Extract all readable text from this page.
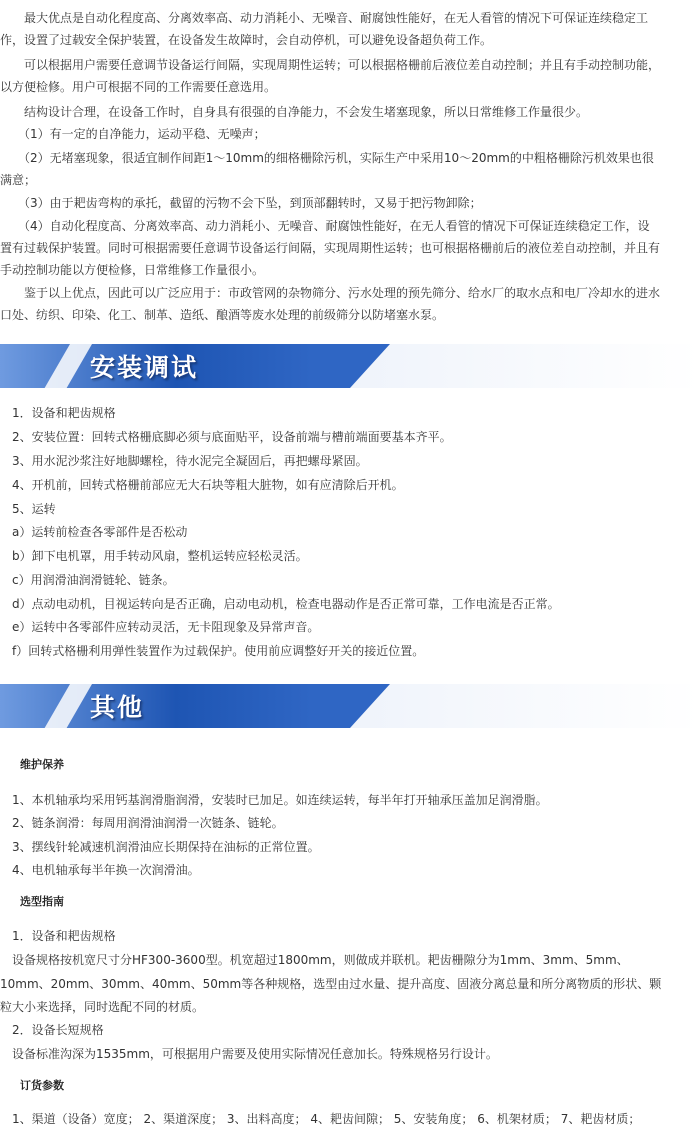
　　最大优点是自动化程度高、分离效率高、动力消耗小、无噪音、耐腐蚀性能好，在无人看管的情况下可保证连续稳定工
作，设置了过载安全保护装置，在设备发生故障时，会自动停机，可以避免设备超负荷工作。
　　可以根据用户需要任意调节设备运行间隔，实现周期性运转；可以根据格栅前后液位差自动控制；并且有手动控制功能，
以方便检修。用户可根据不同的工作需要任意选用。
　　结构设计合理，在设备工作时，自身具有很强的自净能力，不会发生堵塞现象，所以日常维修工作量很少。
　　（1）有一定的自净能力，运动平稳、无噪声；
　　（2）无堵塞现象，很适宜制作间距1～10mm的细格栅除污机，实际生产中采用10～20mm的中粗格栅除污机效果也很
满意；
　　（3）由于耙齿弯构的承托，截留的污物不会下坠，到顶部翻转时，又易于把污物卸除；
　　（4）自动化程度高、分离效率高、动力消耗小、无噪音、耐腐蚀性能好，在无人看管的情况下可保证连续稳定工作，设
置有过载保护装置。同时可根据需要任意调节设备运行间隔，实现周期性运转；也可根据格栅前后的液位差自动控制，并且有
手动控制功能以方便检修，日常维修工作量很小。
　　鉴于以上优点，因此可以广泛应用于：市政管网的杂物筛分、污水处理的预先筛分、给水厂的取水点和电厂冷却水的进水
口处、纺织、印染、化工、制革、造纸、酿酒等废水处理的前级筛分以防堵塞水泵。
安装调试
　1．设备和耙齿规格
　2、安装位置：回转式格栅底脚必须与底面贴平，设备前端与槽前端面要基本齐平。
　3、用水泥沙浆注好地脚螺栓，待水泥完全凝固后，再把螺母紧固。
　4、开机前，回转式格栅前部应无大石块等粗大脏物，如有应清除后开机。
　5、运转
　a）运转前检查各零部件是否松动
　b）卸下电机罩，用手转动风扇，整机运转应轻松灵活。
　c）用润滑油润滑链轮、链条。
　d）点动电动机，目视运转向是否正确，启动电动机，检查电器动作是否正常可靠，工作电流是否正常。
　e）运转中各零部件应转动灵活，无卡阻现象及异常声音。
　f）回转式格栅利用弹性装置作为过载保护。使用前应调整好开关的接近位置。
其他
维护保养
　1、本机轴承均采用钙基润滑脂润滑，安装时已加足。如连续运转，每半年打开轴承压盖加足润滑脂。
　2、链条润滑：每周用润滑油润滑一次链条、链轮。
　3、摆线针轮减速机润滑油应长期保持在油标的正常位置。
　4、电机轴承每半年换一次润滑油。
选型指南
　1．设备和耙齿规格
　设备规格按机宽尺寸分HF300-3600型。机宽超过1800mm，则做成并联机。耙齿栅隙分为1mm、3mm、5mm、
10mm、20mm、30mm、40mm、50mm等各种规格，选型由过水量、提升高度、固液分离总量和所分离物质的形状、颗
粒大小来选择，同时选配不同的材质。
　2．设备长短规格
　设备标准沟深为1535mm，可根据用户需要及使用实际情况任意加长。特殊规格另行设计。
订货参数
　1、渠道（设备）宽度； 2、渠道深度； 3、出料高度； 4、耙齿间隙； 5、安装角度； 6、机架材质； 7、耙齿材质；
